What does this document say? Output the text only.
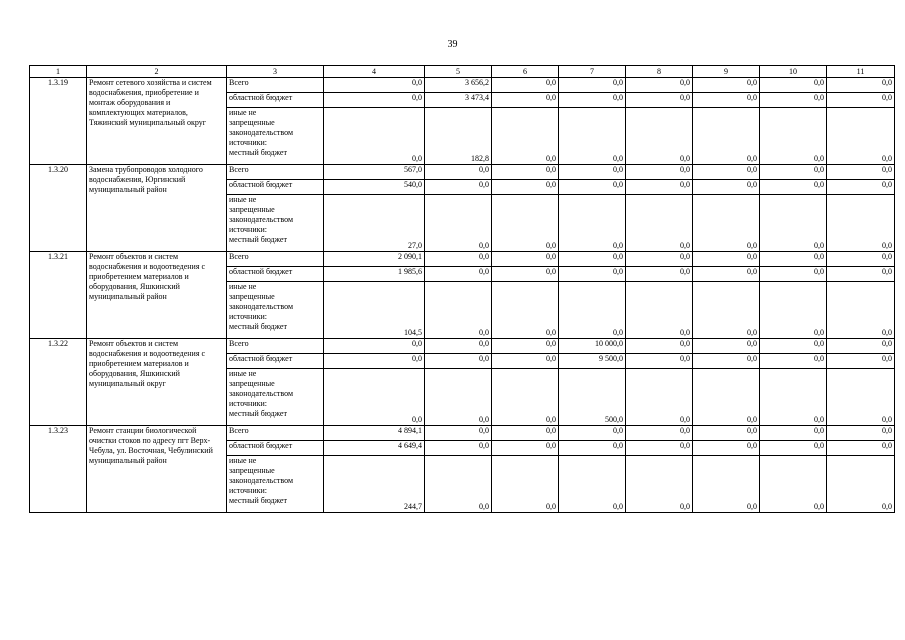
39
1	2	3	4	5	6	7	8	9	10	11
1.3.19	Ремонт сетевого хозяйства и систем водоснабжения, приобретение и монтаж оборудования и комплектующих материалов, Тяжинский муниципальный округ	Всего	0,0	3 656,2	0,0	0,0	0,0	0,0	0,0	0,0
		областной бюджет	0,0	3 473,4	0,0	0,0	0,0	0,0	0,0	0,0

		иные не
запрещенные
законодательством
источники:
местный бюджет	0,0	182,8	0,0	0,0	0,0	0,0	0,0	0,0
1.3.20	Замена трубопроводов холодного водоснабжения, Юргинский муниципальный район	Всего	567,0	0,0	0,0	0,0	0,0	0,0	0,0	0,0
		областной бюджет	540,0	0,0	0,0	0,0	0,0	0,0	0,0	0,0

		иные не
запрещенные
законодательством
источники:
местный бюджет	27,0	0,0	0,0	0,0	0,0	0,0	0,0	0,0
1.3.21	Ремонт объектов и систем водоснабжения и водоотведения с приобретением материалов и оборудования, Яшкинский муниципальный район	Всего	2 090,1	0,0	0,0	0,0	0,0	0,0	0,0	0,0
		областной бюджет	1 985,6	0,0	0,0	0,0	0,0	0,0	0,0	0,0

		иные не
запрещенные
законодательством
источники:
местный бюджет	104,5	0,0	0,0	0,0	0,0	0,0	0,0	0,0
1.3.22	Ремонт объектов и систем водоснабжения и водоотведения с приобретением материалов и оборудования, Яшкинский муниципальный округ	Всего	0,0	0,0	0,0	10 000,0	0,0	0,0	0,0	0,0
		областной бюджет	0,0	0,0	0,0	9 500,0	0,0	0,0	0,0	0,0

		иные не
запрещенные
законодательством
источники:
местный бюджет	0,0	0,0	0,0	500,0	0,0	0,0	0,0	0,0
1.3.23	Ремонт станции биологической очистки стоков по адресу пгт Верх-Чебула, ул. Восточная, Чебулинский муниципальный район	Всего	4 894,1	0,0	0,0	0,0	0,0	0,0	0,0	0,0
		областной бюджет	4 649,4	0,0	0,0	0,0	0,0	0,0	0,0	0,0

		иные не
запрещенные
законодательством
источники:
местный бюджет	244,7	0,0	0,0	0,0	0,0	0,0	0,0	0,0
